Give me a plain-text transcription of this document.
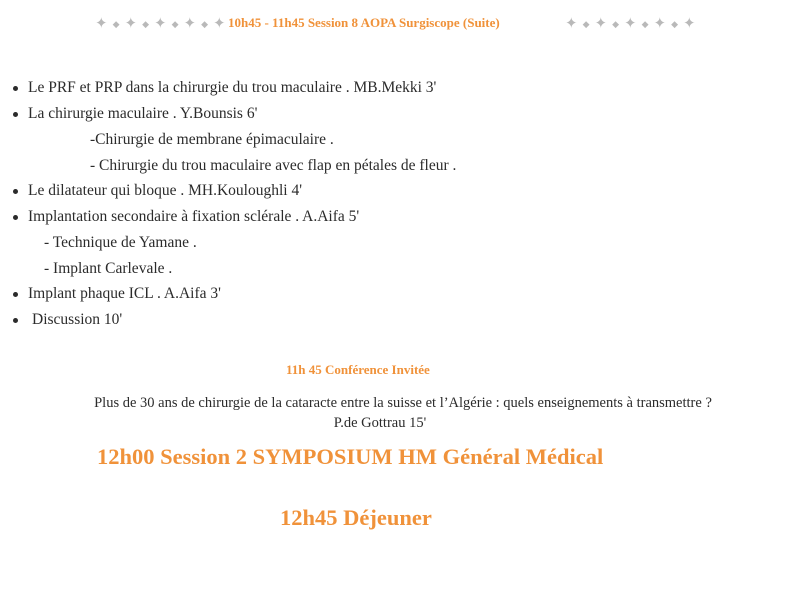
✦ ◆ ✦ ◆ ✦ ◆ ✦ ◆ ✦	✦ ◆ ✦ ◆ ✦ ◆ ✦ ◆ ✦
10h45 - 11h45 Session 8 AOPA Surgiscope (Suite)
Le PRF et PRP dans la chirurgie du trou maculaire . MB.Mekki 3'
La chirurgie maculaire . Y.Bounsis 6'
-Chirurgie de membrane épimaculaire .
- Chirurgie du trou maculaire avec flap en pétales de fleur .
Le dilatateur qui bloque . MH.Kouloughli 4'
Implantation secondaire à fixation sclérale . A.Aifa 5'
- Technique de Yamane .
- Implant Carlevale .
Implant phaque ICL . A.Aifa 3'
Discussion 10'
11h 45 Conférence Invitée
Plus de 30 ans de chirurgie de la cataracte entre la suisse et l’Algérie : quels enseignements à transmettre ?
P.de Gottrau 15'
12h00 Session 2 SYMPOSIUM HM Général Médical
12h45 Déjeuner
